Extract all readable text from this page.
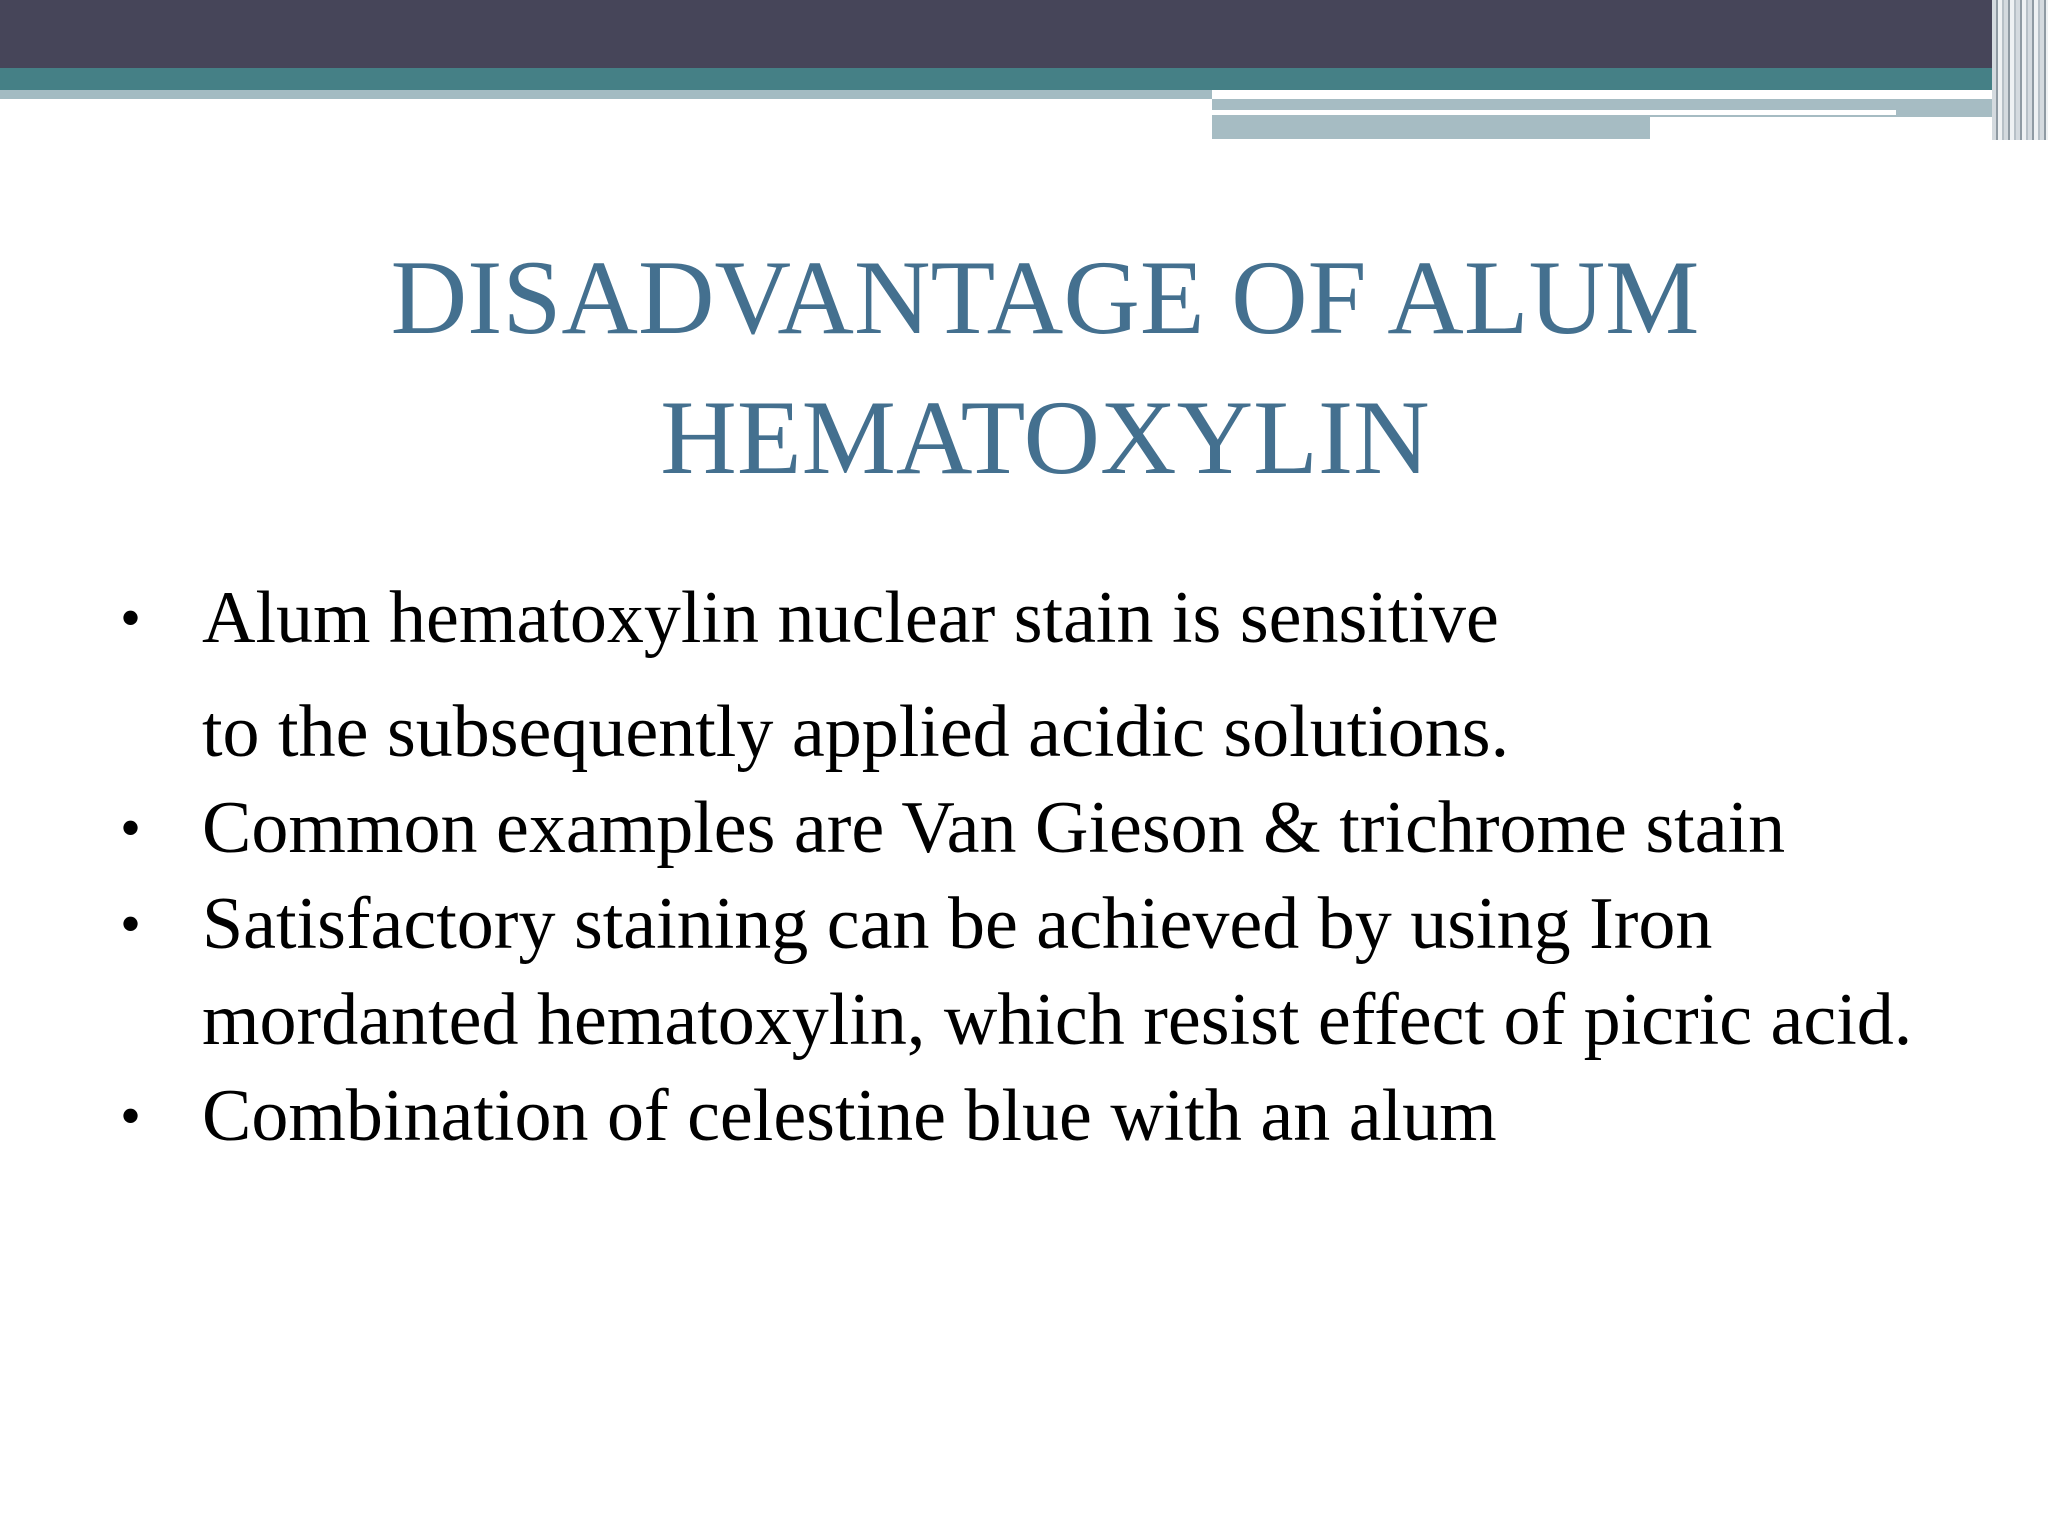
DISADVANTAGE OF ALUM
HEMATOXYLIN
• Alum hematoxylin nuclear stain is sensitive
to the subsequently applied acidic solutions.
• Common examples are Van Gieson & trichrome stain
• Satisfactory staining can be achieved by using Iron mordanted hematoxylin, which resist effect of picric acid.
• Combination of celestine blue with an alum
